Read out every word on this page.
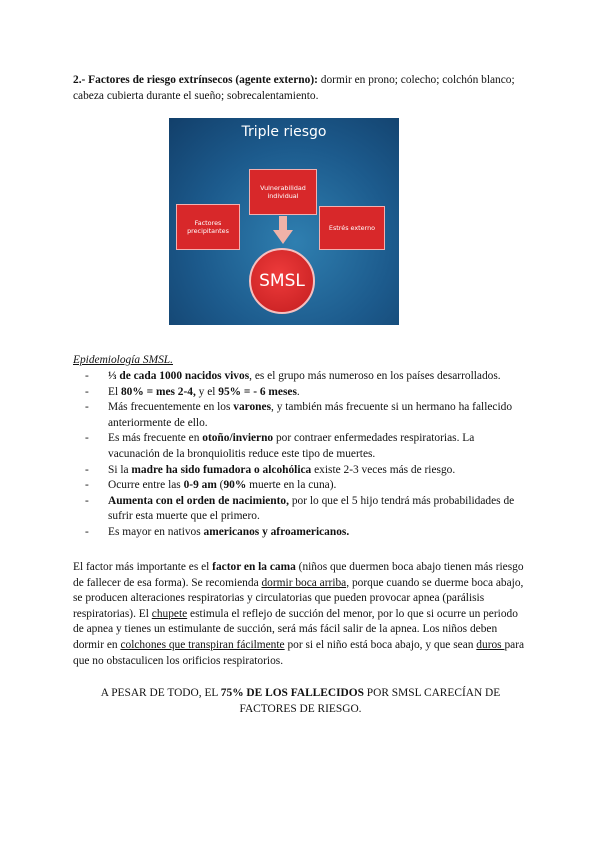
2.- Factores de riesgo extrínsecos (agente externo): dormir en prono; colecho; colchón blanco; cabeza cubierta durante el sueño; sobrecalentamiento.

Triple riesgo
Vulnerabilidad individual
Factores precipitantes	Estrés externo
SMSL

Epidemiología SMSL.

- ⅓ de cada 1000 nacidos vivos, es el grupo más numeroso en los países desarrollados.
- El 80% = mes 2-4, y el 95% = - 6 meses.
- Más frecuentemente en los varones, y también más frecuente si un hermano ha fallecido anteriormente de ello.
- Es más frecuente en otoño/invierno por contraer enfermedades respiratorias. La vacunación de la bronquiolitis reduce este tipo de muertes.
- Si la madre ha sido fumadora o alcohólica existe 2-3 veces más de riesgo.
- Ocurre entre las 0-9 am (90% muerte en la cuna).
- Aumenta con el orden de nacimiento, por lo que el 5 hijo tendrá más probabilidades de sufrir esta muerte que el primero.
- Es mayor en nativos americanos y afroamericanos.

El factor más importante es el factor en la cama (niños que duermen boca abajo tienen más riesgo de fallecer de esa forma). Se recomienda dormir boca arriba, porque cuando se duerme boca abajo, se producen alteraciones respiratorias y circulatorias que pueden provocar apnea (parálisis respiratorias). El chupete estimula el reflejo de succión del menor, por lo que si ocurre un periodo de apnea y tienes un estimulante de succión, será más fácil salir de la apnea. Los niños deben dormir en colchones que transpiran fácilmente por si el niño está boca abajo, y que sean duros para que no obstaculicen los orificios respiratorios.

A PESAR DE TODO, EL 75% DE LOS FALLECIDOS POR SMSL CARECÍAN DE FACTORES DE RIESGO.
